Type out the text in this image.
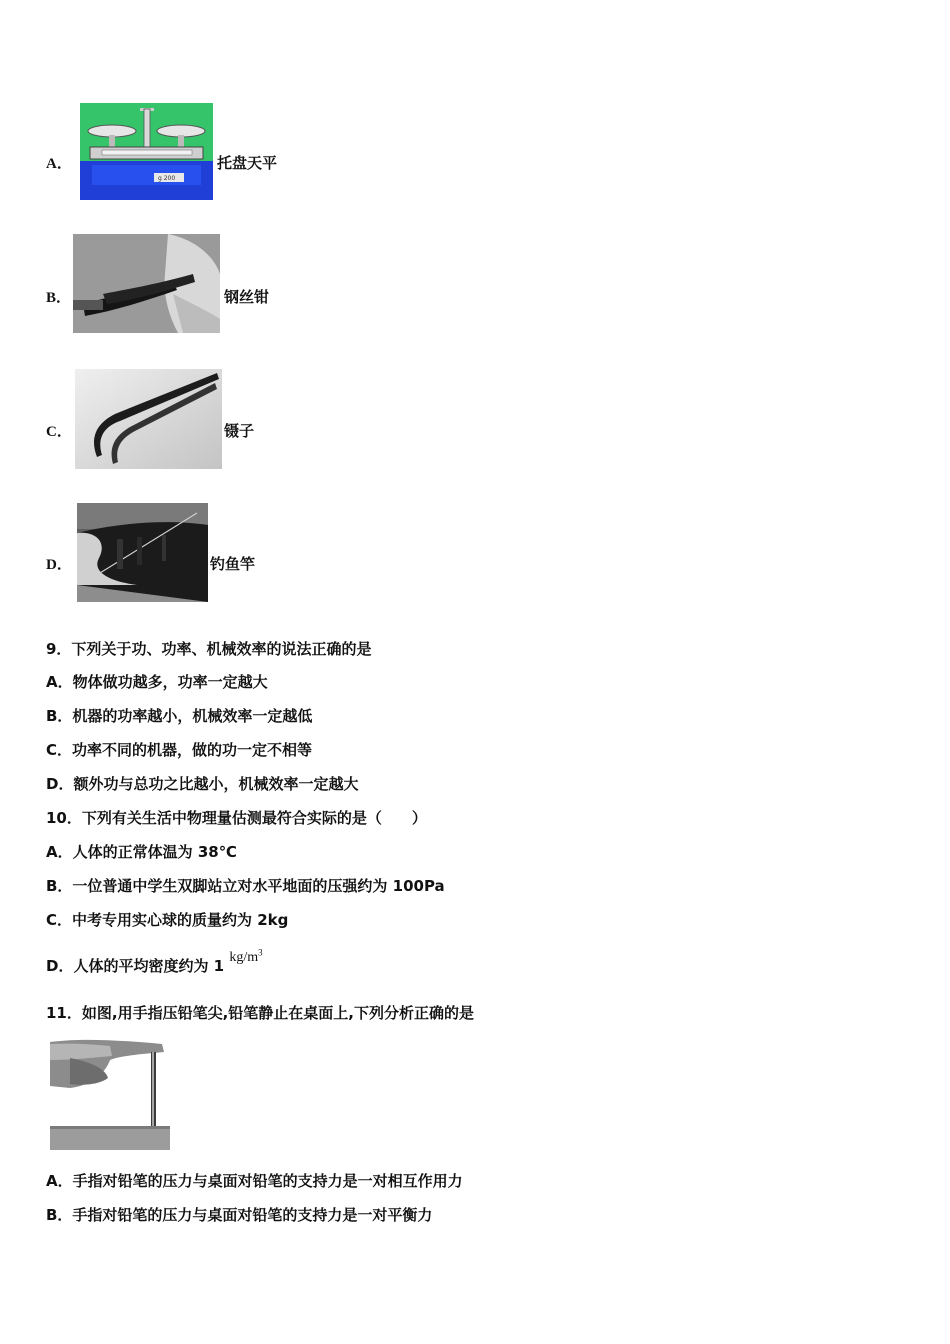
A．
g 200
托盘天平
B．	钢丝钳
C．	镊子
D．	钓鱼竿
9．下列关于功、功率、机械效率的说法正确的是
A．物体做功越多，功率一定越大
B．机器的功率越小，机械效率一定越低
C．功率不同的机器，做的功一定不相等
D．额外功与总功之比越小，机械效率一定越大
10．下列有关生活中物理量估测最符合实际的是（　　）
A．人体的正常体温为 38℃
B．一位普通中学生双脚站立对水平地面的压强约为 100Pa
C．中考专用实心球的质量约为 2kg
D．人体的平均密度约为 1 $kg/m^3$
11．如图,用手指压铅笔尖,铅笔静止在桌面上,下列分析正确的是
A．手指对铅笔的压力与桌面对铅笔的支持力是一对相互作用力
B．手指对铅笔的压力与桌面对铅笔的支持力是一对平衡力
